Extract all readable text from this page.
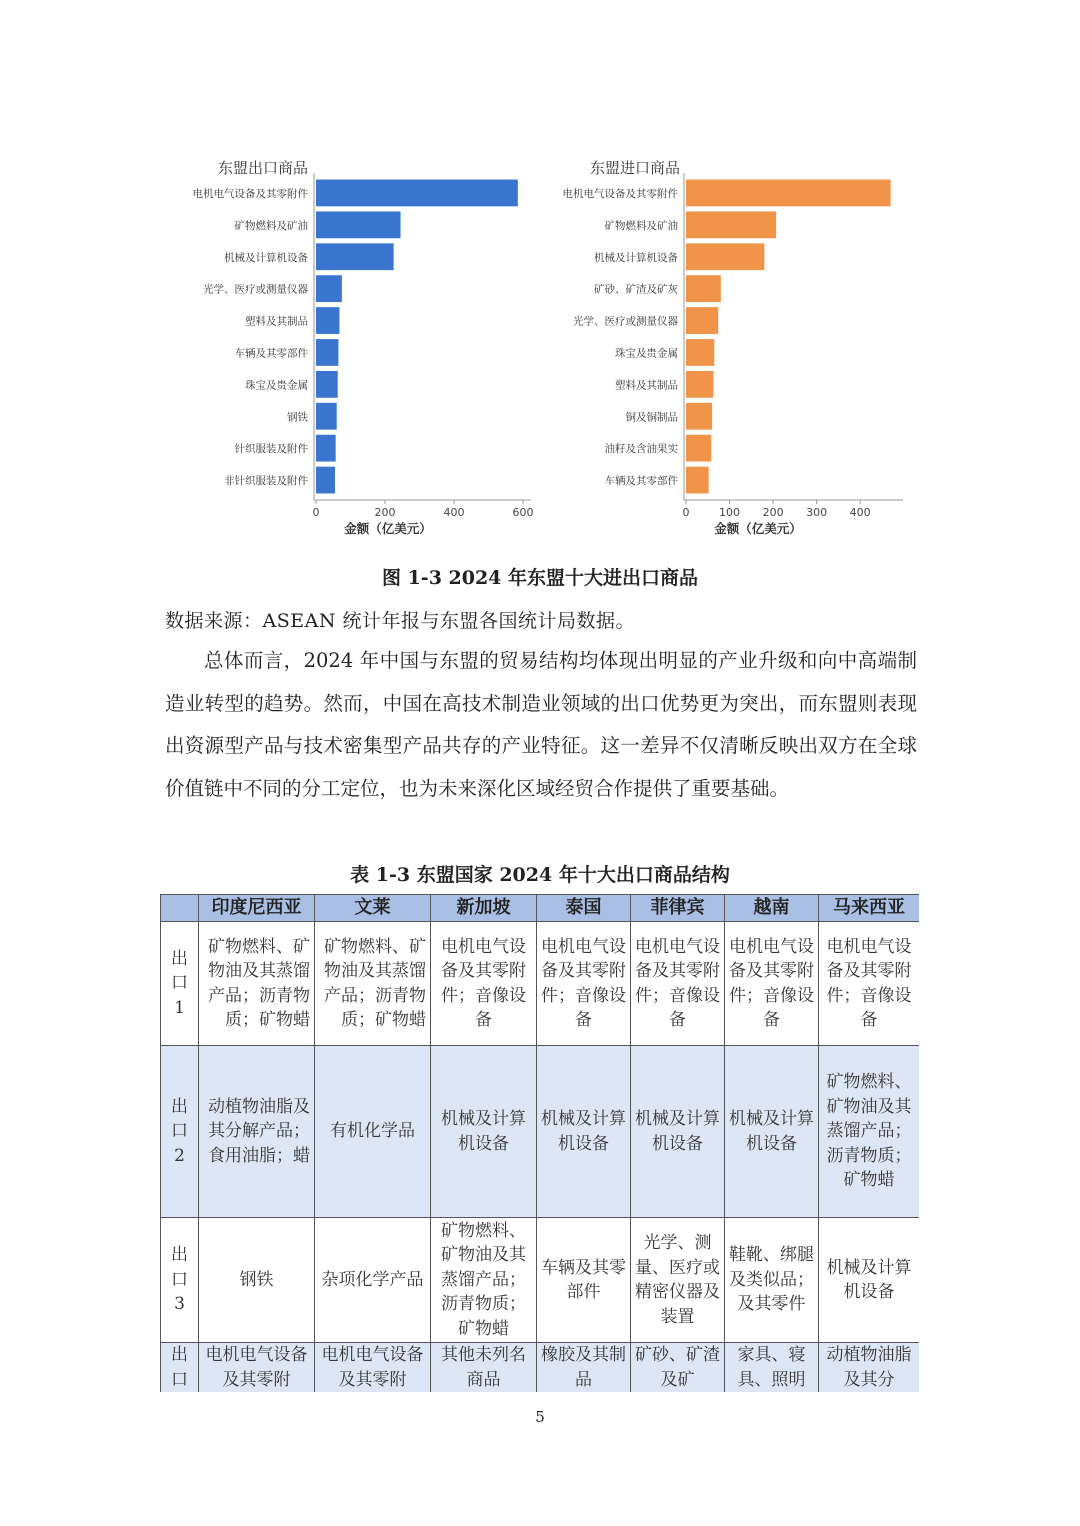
东盟出口商品
电机电气设备及其零附件
矿物燃料及矿油
机械及计算机设备
光学、医疗或测量仪器
塑料及其制品
车辆及其零部件
珠宝及贵金属
钢铁
针织服装及附件
非针织服装及附件
0	200	400	600
金额（亿美元）
东盟进口商品
电机电气设备及其零附件
矿物燃料及矿油
机械及计算机设备
矿砂、矿渣及矿灰
光学、医疗或测量仪器
珠宝及贵金属
塑料及其制品
铜及铜制品
油籽及含油果实
车辆及其零部件
0	100 200 300 400
金额（亿美元）
图 1-3 2024 年东盟十大进出口商品
数据来源：ASEAN 统计年报与东盟各国统计局数据。

总体而言，2024 年中国与东盟的贸易结构均体现出明显的产业升级和向中高端制造业转型的趋势。然而，中国在高技术制造业领域的出口优势更为突出，而东盟则表现出资源型产品与技术密集型产品共存的产业特征。这一差异不仅清晰反映出双方在全球价值链中不同的分工定位，也为未来深化区域经贸合作提供了重要基础。

表 1-3 东盟国家 2024 年十大出口商品结构
	印度尼西亚	文莱	新加坡	泰国	菲律宾	越南	马来西亚
出
口
1	矿物燃料、矿物油及其蒸馏产品；沥青物质；矿物蜡	矿物燃料、矿物油及其蒸馏产品；沥青物质；矿物蜡	电机电气设备及其零附件；音像设备	电机电气设备及其零附件；音像设备	电机电气设备及其零附件；音像设备	电机电气设备及其零附件；音像设备	电机电气设备及其零附件；音像设备
出
口
2	动植物油脂及其分解产品；食用油脂；蜡	有机化学品	机械及计算机设备	机械及计算机设备	机械及计算机设备	机械及计算机设备	矿物燃料、矿物油及其蒸馏产品；沥青物质；矿物蜡
出
口
3	钢铁	杂项化学产品	矿物燃料、矿物油及其蒸馏产品；沥青物质；矿物蜡	车辆及其零部件	光学、测量、医疗或精密仪器及装置	鞋靴、绑腿及类似品；及其零件	机械及计算机设备
出
口	电机电气设备及其零附	电机电气设备及其零附	其他未列名商品	橡胶及其制品	矿砂、矿渣及矿	家具、寝具、照明	动植物油脂及其分
5
